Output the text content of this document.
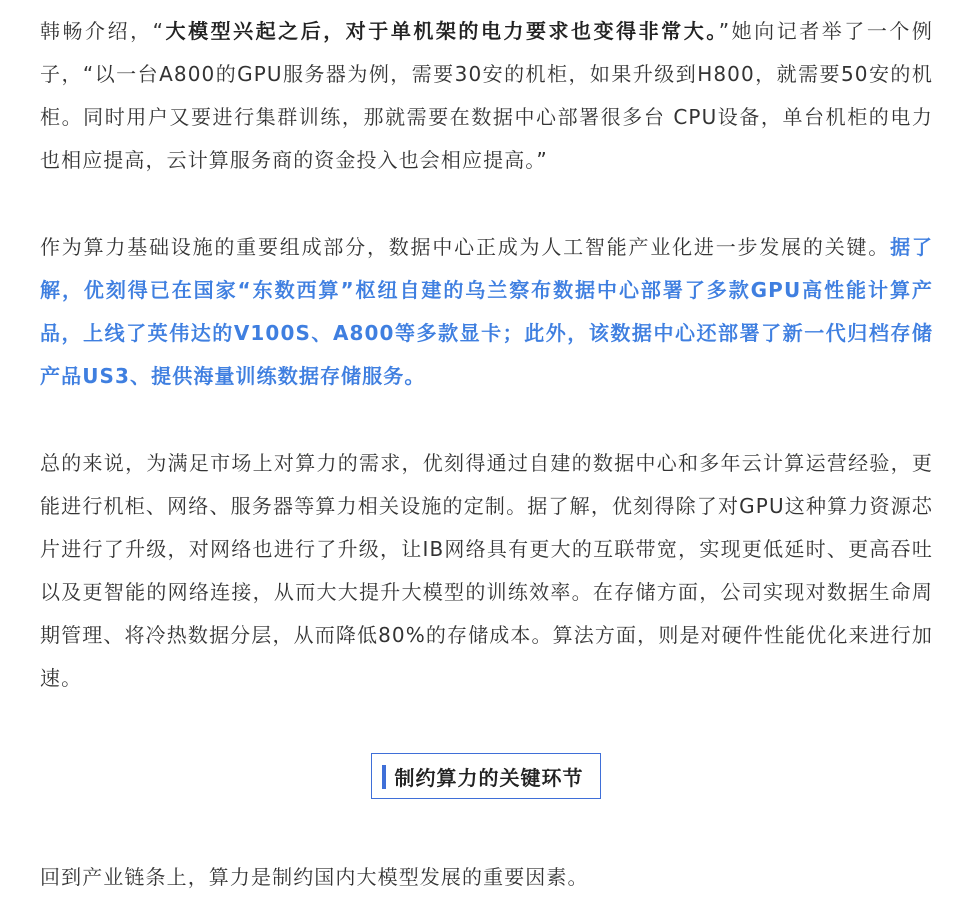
韩畅介绍，“大模型兴起之后，对于单机架的电力要求也变得非常大。”她向记者举了一个例子，“以一台A800的GPU服务器为例，需要30安的机柜，如果升级到H800，就需要50安的机柜。同时用户又要进行集群训练，那就需要在数据中心部署很多台 CPU设备，单台机柜的电力也相应提高，云计算服务商的资金投入也会相应提高。”

作为算力基础设施的重要组成部分，数据中心正成为人工智能产业化进一步发展的关键。据了解，优刻得已在国家“东数西算”枢纽自建的乌兰察布数据中心部署了多款GPU高性能计算产品，上线了英伟达的V100S、A800等多款显卡；此外，该数据中心还部署了新一代归档存储产品US3、提供海量训练数据存储服务。

总的来说，为满足市场上对算力的需求，优刻得通过自建的数据中心和多年云计算运营经验，更能进行机柜、网络、服务器等算力相关设施的定制。据了解，优刻得除了对GPU这种算力资源芯片进行了升级，对网络也进行了升级，让IB网络具有更大的互联带宽，实现更低延时、更高吞吐以及更智能的网络连接，从而大大提升大模型的训练效率。在存储方面，公司实现对数据生命周期管理、将冷热数据分层，从而降低80%的存储成本。算法方面，则是对硬件性能优化来进行加速。

制约算力的关键环节

回到产业链条上，算力是制约国内大模型发展的重要因素。
